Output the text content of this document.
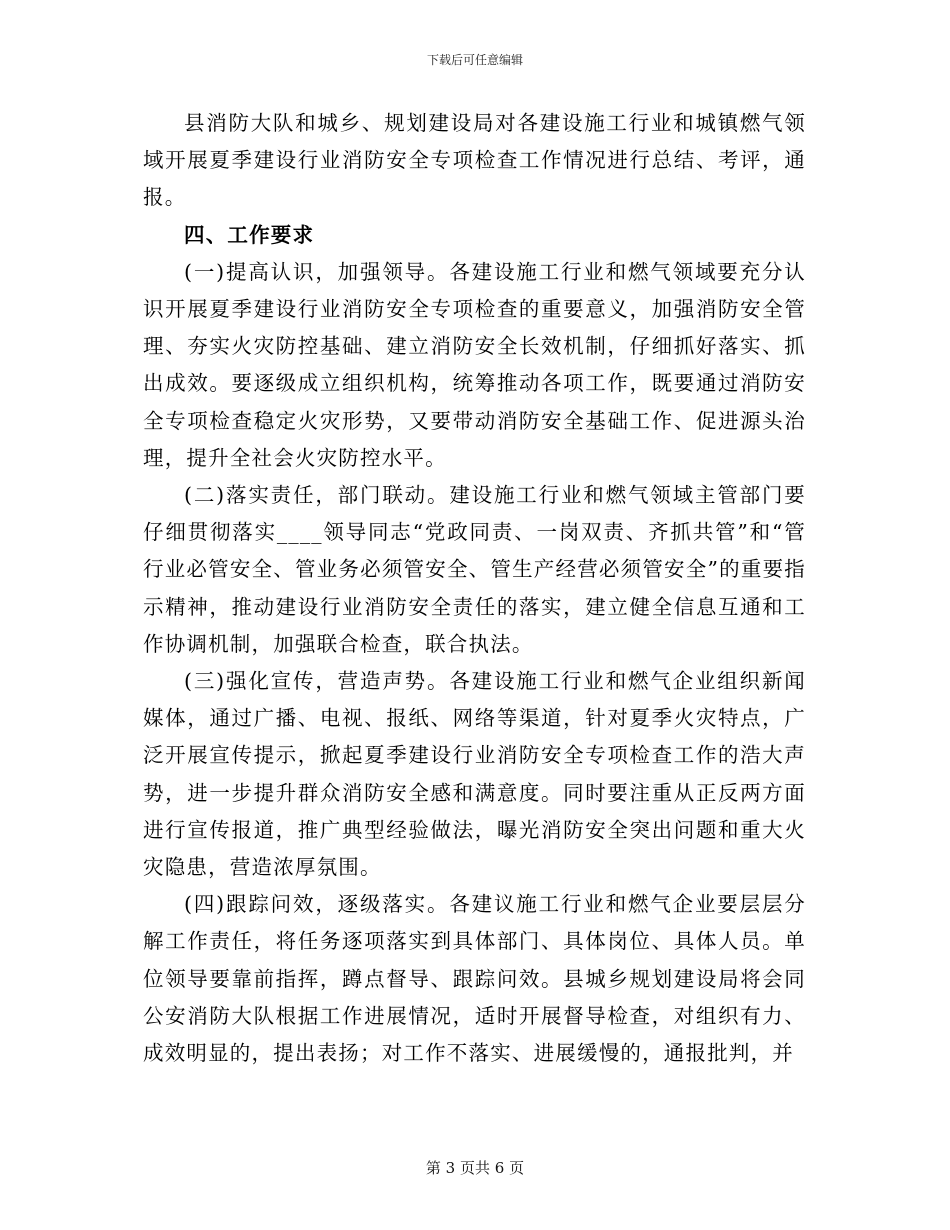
下载后可任意编辑

县消防大队和城乡、规划建设局对各建设施工行业和城镇燃气领域开展夏季建设行业消防安全专项检查工作情况进行总结、考评，通报。

四、工作要求

(一)提高认识，加强领导。各建设施工行业和燃气领域要充分认识开展夏季建设行业消防安全专项检查的重要意义，加强消防安全管理、夯实火灾防控基础、建立消防安全长效机制，仔细抓好落实、抓出成效。要逐级成立组织机构，统筹推动各项工作，既要通过消防安全专项检查稳定火灾形势，又要带动消防安全基础工作、促进源头治理，提升全社会火灾防控水平。

(二)落实责任，部门联动。建设施工行业和燃气领域主管部门要仔细贯彻落实____领导同志“党政同责、一岗双责、齐抓共管”和“管行业必管安全、管业务必须管安全、管生产经营必须管安全”的重要指示精神，推动建设行业消防安全责任的落实，建立健全信息互通和工作协调机制，加强联合检查，联合执法。

(三)强化宣传，营造声势。各建设施工行业和燃气企业组织新闻媒体，通过广播、电视、报纸、网络等渠道，针对夏季火灾特点，广泛开展宣传提示，掀起夏季建设行业消防安全专项检查工作的浩大声势，进一步提升群众消防安全感和满意度。同时要注重从正反两方面进行宣传报道，推广典型经验做法，曝光消防安全突出问题和重大火灾隐患，营造浓厚氛围。

(四)跟踪问效，逐级落实。各建议施工行业和燃气企业要层层分解工作责任，将任务逐项落实到具体部门、具体岗位、具体人员。单位领导要靠前指挥，蹲点督导、跟踪问效。县城乡规划建设局将会同公安消防大队根据工作进展情况，适时开展督导检查，对组织有力、成效明显的，提出表扬；对工作不落实、进展缓慢的，通报批判，并

第 3 页共 6 页
